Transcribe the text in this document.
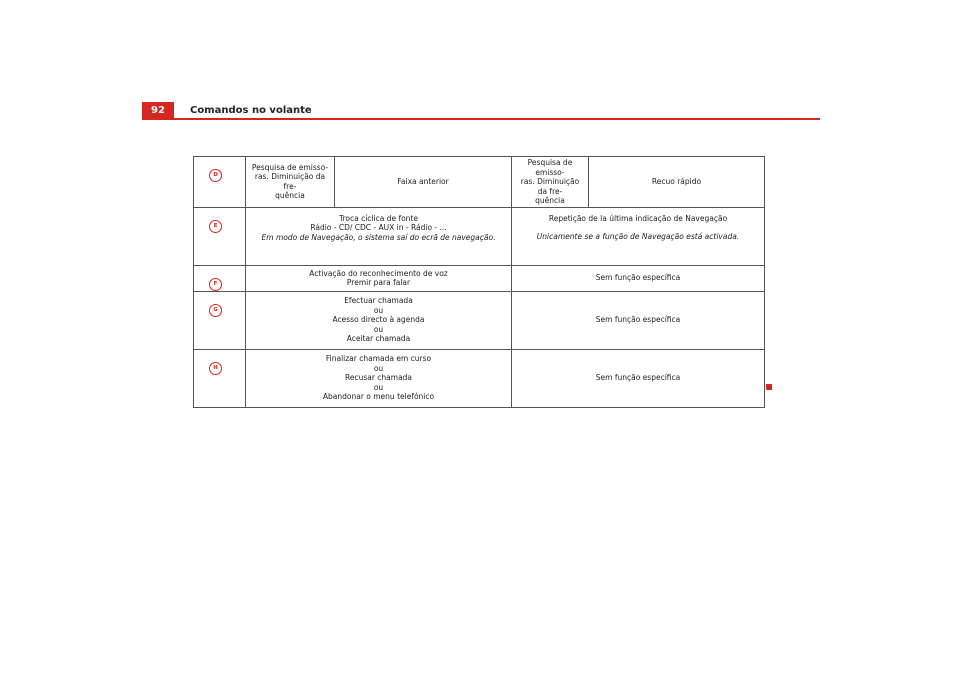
92	Comandos no volante
D	Pesquisa de emisso-
ras. Diminuição da fre-
quência	Faixa anterior	Pesquisa de emisso-
ras. Diminuição da fre-
quência	Recuo rápido

E	Troca cíclica de fonte
Rádio - CD/ CDC - AUX in - Rádio - ...
Em modo de Navegação, o sistema saí do ecrã de navegação.		Repetição de la última indicação de Navegação
Unicamente se a função de Navegação está activada.	

F	Activação do reconhecimento de voz
Premir para falar		Sem função específica	

G	Efectuar chamada
ou
Acesso directo à agenda
ou
Aceitar chamada		Sem função específica	

H	Finalizar chamada em curso
ou
Recusar chamada
ou
Abandonar o menu telefónico		Sem função específica	
